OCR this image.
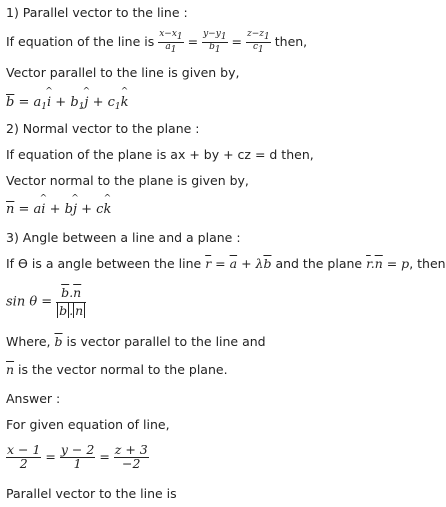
1) Parallel vector to the line :
If equation of the line is $\frac{x-x1}{a1} = \frac{y-y1}{b1} = \frac{z-z1}{c1}$ then,
Vector parallel to the line is given by,
$\overline{b} = a_1i$ ^ + $b_1j$ ^ + $c_1k$ ^
2) Normal vector to the plane :
If equation of the plane is ax + by + cz = d then,
Vector normal to the plane is given by,
$\overline{n}$ = ai ^ + bj ^ + ck ^
3) Angle between a line and a plane :
If ϴ is a angle between the line $\overline{r} = \overline{a} + \lambda\overline{b}$ and the plane $\overline{r}.\overline{n} = p$, then
$\sin \theta = \frac{\overline{b}.\overline{n}}{\overline{b} . \overline{n}}$
Where, $\overline{b}$ is vector parallel to the line and
$\overline{n}$ is the vector normal to the plane.
Answer :
For given equation of line,
$\frac{x - 1}{2} = \frac{y - 2}{1} = \frac{z + 3}{-2}$
Parallel vector to the line is
